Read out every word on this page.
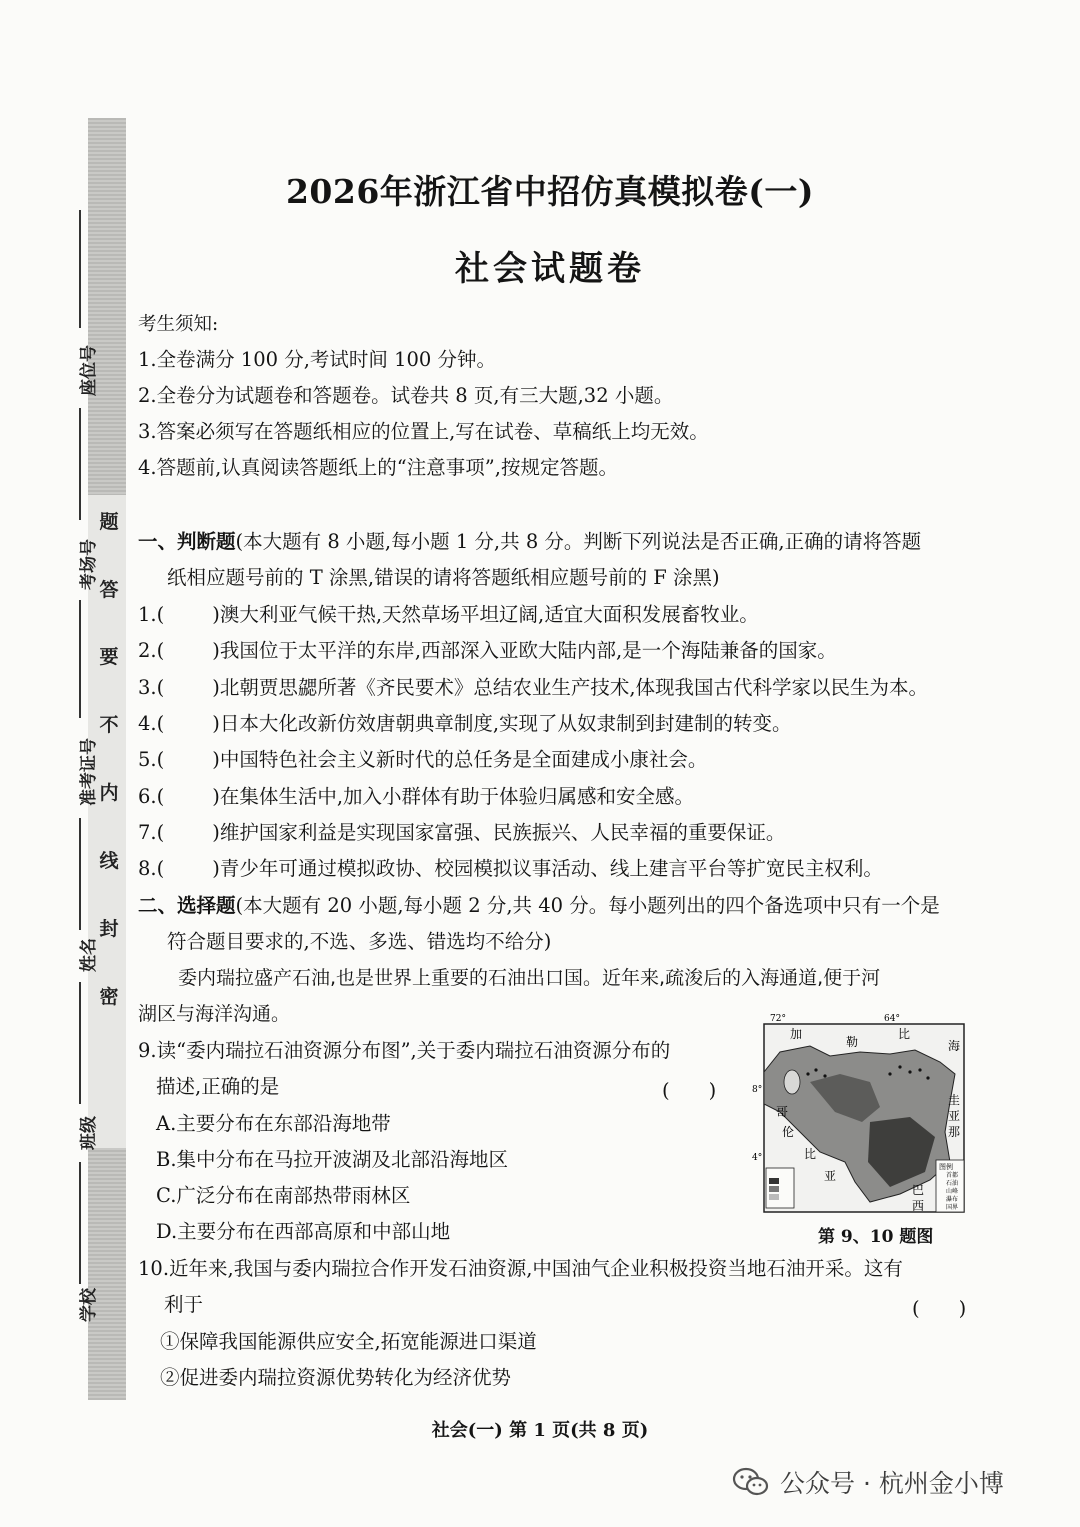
题
答
要
不
内
线
封
密
座位号
考场号
准考证号
姓名
班级
学校
2026年浙江省中招仿真模拟卷(一)
社会试题卷
考生须知:
1.全卷满分 100 分,考试时间 100 分钟。
2.全卷分为试题卷和答题卷。试卷共 8 页,有三大题,32 小题。
3.答案必须写在答题纸相应的位置上,写在试卷、草稿纸上均无效。
4.答题前,认真阅读答题纸上的“注意事项”,按规定答题。
一、判断题(本大题有 8 小题,每小题 1 分,共 8 分。判断下列说法是否正确,正确的请将答题
纸相应题号前的 T 涂黑,错误的请将答题纸相应题号前的 F 涂黑)
1.( )澳大利亚气候干热,天然草场平坦辽阔,适宜大面积发展畜牧业。
2.( )我国位于太平洋的东岸,西部深入亚欧大陆内部,是一个海陆兼备的国家。
3.( )北朝贾思勰所著《齐民要术》总结农业生产技术,体现我国古代科学家以民生为本。
4.( )日本大化改新仿效唐朝典章制度,实现了从奴隶制到封建制的转变。
5.( )中国特色社会主义新时代的总任务是全面建成小康社会。
6.( )在集体生活中,加入小群体有助于体验归属感和安全感。
7.( )维护国家利益是实现国家富强、民族振兴、人民幸福的重要保证。
8.( )青少年可通过模拟政协、校园模拟议事活动、线上建言平台等扩宽民主权利。
二、选择题(本大题有 20 小题,每小题 2 分,共 40 分。每小题列出的四个备选项中只有一个是
符合题目要求的,不选、多选、错选均不给分)
委内瑞拉盛产石油,也是世界上重要的石油出口国。近年来,疏浚后的入海通道,便于河
湖区与海洋沟通。
9.读“委内瑞拉石油资源分布图”,关于委内瑞拉石油资源分布的
描述,正确的是	(　　)
A.主要分布在东部沿海地带
B.集中分布在马拉开波湖及北部沿海地区
C.广泛分布在南部热带雨林区
D.主要分布在西部高原和中部山地
72°	64°
8°
4°
加
勒
比
海
哥
伦
比
亚
圭
亚
那
巴
西
图例
首都
石油
山峰
瀑布
国界
第 9、10 题图
10.近年来,我国与委内瑞拉合作开发石油资源,中国油气企业积极投资当地石油开采。这有
利于	(　　)
①保障我国能源供应安全,拓宽能源进口渠道
②促进委内瑞拉资源优势转化为经济优势
社会(一) 第 1 页(共 8 页)
公众号 · 杭州金小博
